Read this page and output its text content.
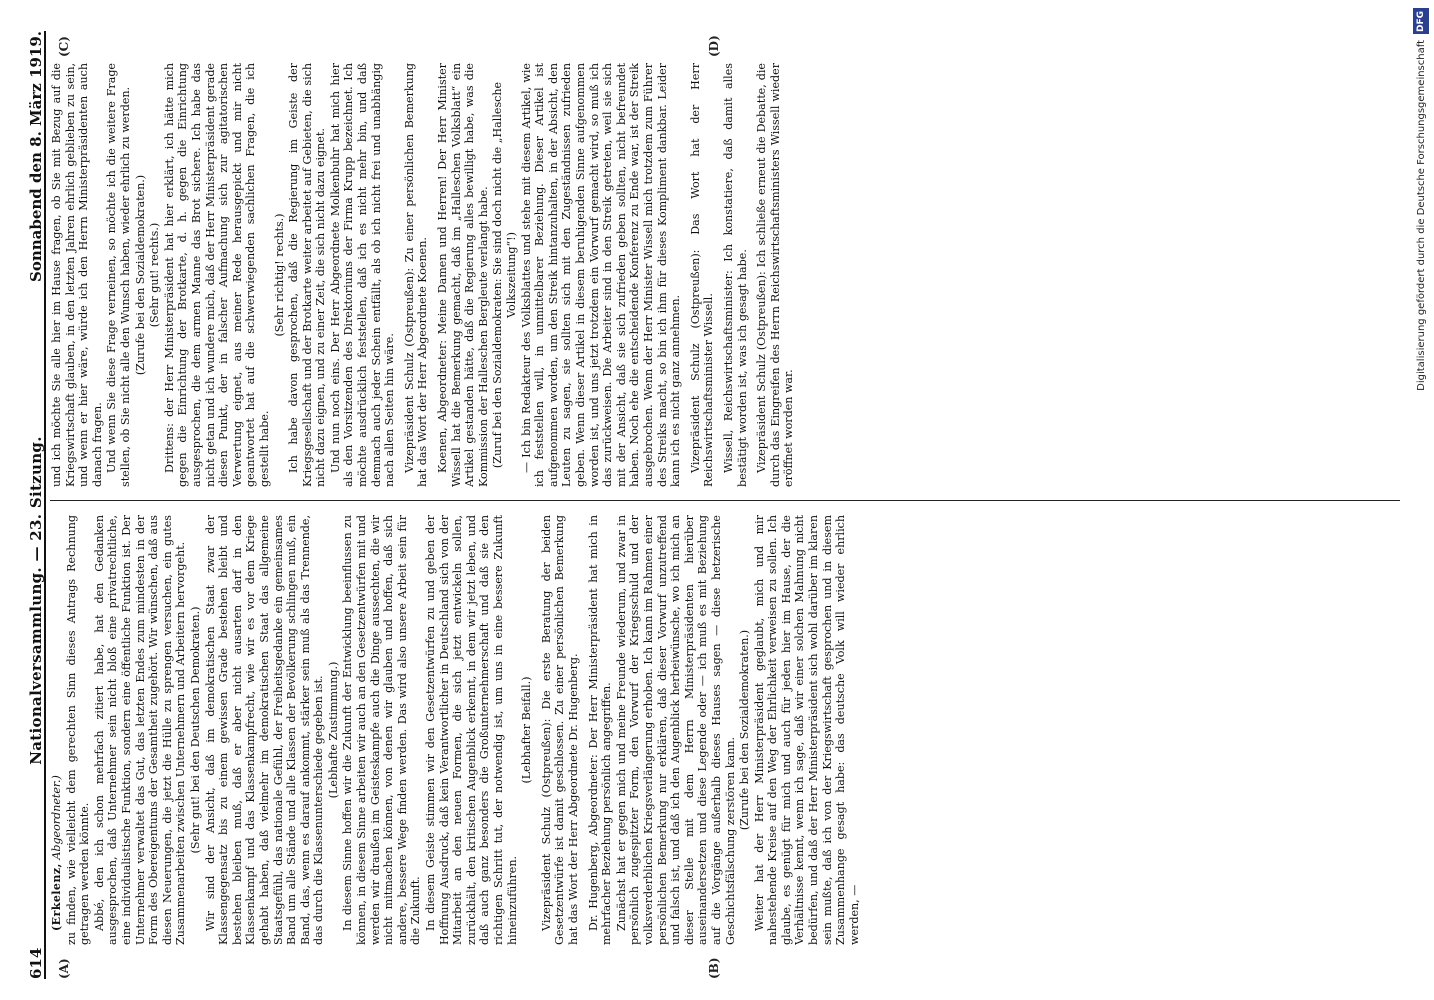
614
Nationalversammlung. — 23. Sitzung.
Sonnabend den 8. März 1919.
(A)	(B)
(C)	(D)

(Erkelenz, Abgeordneter.) zu finden, wie vielleicht dem gerechten Sinn dieses Antrags Rechnung getragen werden könnte. Abbé, den ich schon mehrfach zitiert habe, hat den Gedanken ausgesprochen, daß Unternehmer sein nicht bloß eine privatrechtliche, eine individualistische Funktion, sondern eine öffentliche Funktion ist. Der Unternehmer verwaltet das Gut, das letzten Endes zum mindesten in der Form des Obereigentums der Gesamtheit zugehört. Wir wünschen, daß aus diesen Neuerungen, die jetzt die Hülle zu sprengen versuchen, ein gutes Zusammenarbeiten zwischen Unternehmern und Arbeitern hervorgeht. (Sehr gut! bei den Deutschen Demokraten.) Wir sind der Ansicht, daß im demokratischen Staat zwar der Klassengegensatz bis zu einem gewissen Grade bestehen bleibt und bestehen bleiben muß, daß er aber nicht ausarten darf in den Klassenkampf und das Klassenkampfrecht, wie wir es vor dem Kriege gehabt haben, daß vielmehr im demokratischen Staat das allgemeine Staatsgefühl, das nationale Gefühl, der Freiheitsgedanke ein gemeinsames Band um alle Stände und alle Klassen der Bevölkerung schlingen muß, ein Band, das, wenn es darauf ankommt, stärker sein muß als das Trennende, das durch die Klassenunterschiede gegeben ist. (Lebhafte Zustimmung.) In diesem Sinne hoffen wir die Zukunft der Entwicklung beeinflussen zu können, in diesem Sinne arbeiten wir auch an den Gesetzentwürfen mit und werden wir draußen im Geisteskampfe auch die Dinge aussechten, die wir nicht mitmachen können, von denen wir glauben und hoffen, daß sich andere, bessere Wege finden werden. Das wird also unsere Arbeit sein für die Zukunft. In diesem Geiste stimmen wir den Gesetzentwürfen zu und geben der Hoffnung Ausdruck, daß kein Verantwortlicher in Deutschland sich von der Mitarbeit an den neuen Formen, die sich jetzt entwickeln sollen, zurückhält, den kritischen Augenblick erkennt, in dem wir jetzt leben, und daß auch ganz besonders die Großunternehmerschaft und daß sie den richtigen Schritt tut, der notwendig ist, um uns in eine bessere Zukunft hineinzuführen.

(Lebhafter Beifall.) Vizepräsident Schulz (Ostpreußen): Die erste Beratung der beiden Gesetzentwürfe ist damit geschlossen. Zu einer persönlichen Bemerkung hat das Wort der Herr Abgeordnete Dr. Hugenberg. Dr. Hugenberg, Abgeordneter: Der Herr Ministerpräsident hat mich in mehrfacher Beziehung persönlich angegriffen. Zunächst hat er gegen mich und meine Freunde wiederum, und zwar in persönlich zugespitzter Form, den Vorwurf der Kriegsschuld und der volksverderblichen Kriegsverlängerung erhoben. Ich kann im Rahmen einer persönlichen Bemerkung nur erklären, daß dieser Vorwurf unzutreffend und falsch ist, und daß ich den Augenblick herbeiwünsche, wo ich mich an dieser Stelle mit dem Herrn Ministerpräsidenten hierüber auseinandersetzen und diese Legende oder — ich muß es mit Beziehung auf die Vorgänge außerhalb dieses Hauses sagen — diese hetzerische Geschichtsfälschung zerstören kann.

(Zurufe bei den Sozialdemokraten.) Weiter hat der Herr Ministerpräsident geglaubt, mich und mir nahestehende Kreise auf den Weg der Ehrlichkeit verweisen zu sollen. Ich glaube, es genügt für mich und auch für jeden hier im Hause, der die Verhältnisse kennt, wenn ich sage, daß wir einer solchen Mahnung nicht bedürfen, und daß der Herr Ministerpräsident sich wohl darüber im klaren sein mußte, daß ich von der Kriegswirtschaft gesprochen und in diesem Zusammenhange gesagt habe: das deutsche Volk will wieder ehrlich werden, —

und ich möchte Sie alle hier im Hause fragen, ob Sie mit Bezug auf die Kriegswirtschaft glauben, in den letzten Jahren ehrlich geblieben zu sein, und wenn er hier wäre, würde ich den Herrn Ministerpräsidenten auch danach fragen. Und wenn Sie diese Frage verneinen, so möchte ich die weitere Frage stellen, ob Sie nicht alle den Wunsch haben, wieder ehrlich zu werden. (Zurufe bei den Sozialdemokraten.) (Sehr gut! rechts.) Drittens: der Herr Ministerpräsident hat hier erklärt, ich hätte mich gegen die Einrichtung der Brotkarte, d. h. gegen die Einrichtung ausgesprochen, die dem armen Manne das Brot sichere. Ich habe das nicht getan und ich wundere mich, daß der Herr Ministerpräsident gerade diesen Punkt, der in falscher Aufmachung sich zur agitatorischen Verwertung eignet, aus meiner Rede herausgepickt und mir nicht geantwortet hat auf die schwerwiegenden sachlichen Fragen, die ich gestellt habe.

(Sehr richtig! rechts.) Ich habe davon gesprochen, daß die Regierung im Geiste der Kriegsgesellschaft und der Brotkarte weiter arbeitet auf Gebieten, die sich nicht dazu eignen, und zu einer Zeit, die sich nicht dazu eignet. Und nun noch eins. Der Herr Abgeordnete Molkenbuhr hat mich hier als den Vorsitzenden des Direktoriums der Firma Krupp bezeichnet. Ich möchte ausdrücklich feststellen, daß ich es nicht mehr bin, und daß demnach auch jeder Schein entfällt, als ob ich nicht frei und unabhängig nach allen Seiten hin wäre. Vizepräsident Schulz (Ostpreußen): Zu einer persönlichen Bemerkung hat das Wort der Herr Abgeordnete Koenen. Koenen, Abgeordneter: Meine Damen und Herren! Der Herr Minister Wissell hat die Bemerkung gemacht, daß im „Halleschen Volksblatt“ ein Artikel gestanden hätte, daß die Regierung alles bewilligt habe, was die Kommission der Halleschen Bergleute verlangt habe. (Zuruf bei den Sozialdemokraten: Sie sind doch nicht die „Hallesche Volkszeitung“!) — Ich bin Redakteur des Volksblattes und stehe mit diesem Artikel, wie ich feststellen will, in unmittelbarer Beziehung. Dieser Artikel ist aufgenommen worden, um den Streik hintanzuhalten, in der Absicht, den Leuten zu sagen, sie sollten sich mit den Zugeständnissen zufrieden geben. Wenn dieser Artikel in diesem beruhigenden Sinne aufgenommen worden ist, und uns jetzt trotzdem ein Vorwurf gemacht wird, so muß ich das zurückweisen. Die Arbeiter sind in den Streik getreten, weil sie sich mit der Ansicht, daß sie sich zufrieden geben sollten, nicht befreundet haben. Noch ehe die entscheidende Konferenz zu Ende war, ist der Streik ausgebrochen. Wenn der Herr Minister Wissell mich trotzdem zum Führer des Streiks macht, so bin ich ihm für dieses Kompliment dankbar. Leider kann ich es nicht ganz annehmen. Vizepräsident Schulz (Ostpreußen): Das Wort hat der Herr Reichswirtschaftsminister Wissell. Wissell, Reichswirtschaftsminister: Ich konstatiere, daß damit alles bestätigt worden ist, was ich gesagt habe. Vizepräsident Schulz (Ostpreußen): Ich schließe erneut die Debatte, die durch das Eingreifen des Herrn Reichswirtschaftsministers Wissell wieder eröffnet worden war.

DFG
Digitalisierung gefördert durch die Deutsche Forschungsgemeinschaft
